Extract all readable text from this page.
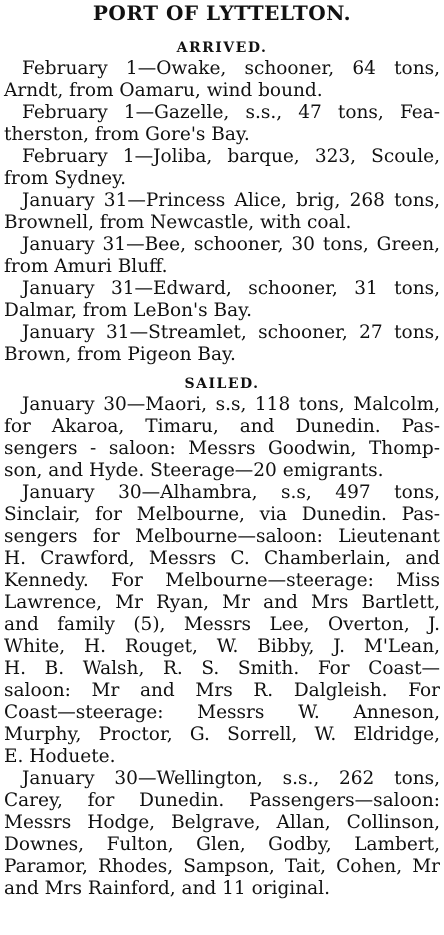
PORT OF LYTTELTON.
ARRIVED.
February 1—Owake, schooner, 64 tons,
Arndt, from Oamaru, wind bound.
February 1—Gazelle, s.s., 47 tons, Fea-
therston, from Gore's Bay.
February 1—Joliba, barque, 323, Scoule,
from Sydney.
January 31—Princess Alice, brig, 268 tons,
Brownell, from Newcastle, with coal.
January 31—Bee, schooner, 30 tons, Green,
from Amuri Bluff.
January 31—Edward, schooner, 31 tons,
Dalmar, from LeBon's Bay.
January 31—Streamlet, schooner, 27 tons,
Brown, from Pigeon Bay.
SAILED.
January 30—Maori, s.s, 118 tons, Malcolm,
for Akaroa, Timaru, and Dunedin. Pas-
sengers - saloon: Messrs Goodwin, Thomp-
son, and Hyde. Steerage—20 emigrants.
January 30—Alhambra, s.s, 497 tons,
Sinclair, for Melbourne, via Dunedin. Pas-
sengers for Melbourne—saloon: Lieutenant
H. Crawford, Messrs C. Chamberlain, and
Kennedy. For Melbourne—steerage: Miss
Lawrence, Mr Ryan, Mr and Mrs Bartlett,
and family (5), Messrs Lee, Overton, J.
White, H. Rouget, W. Bibby, J. M'Lean,
H. B. Walsh, R. S. Smith. For Coast—
saloon: Mr and Mrs R. Dalgleish. For
Coast—steerage: Messrs W. Anneson,
Murphy, Proctor, G. Sorrell, W. Eldridge,
E. Hoduete.
January 30—Wellington, s.s., 262 tons,
Carey, for Dunedin. Passengers—saloon:
Messrs Hodge, Belgrave, Allan, Collinson,
Downes, Fulton, Glen, Godby, Lambert,
Paramor, Rhodes, Sampson, Tait, Cohen, Mr
and Mrs Rainford, and 11 original.
